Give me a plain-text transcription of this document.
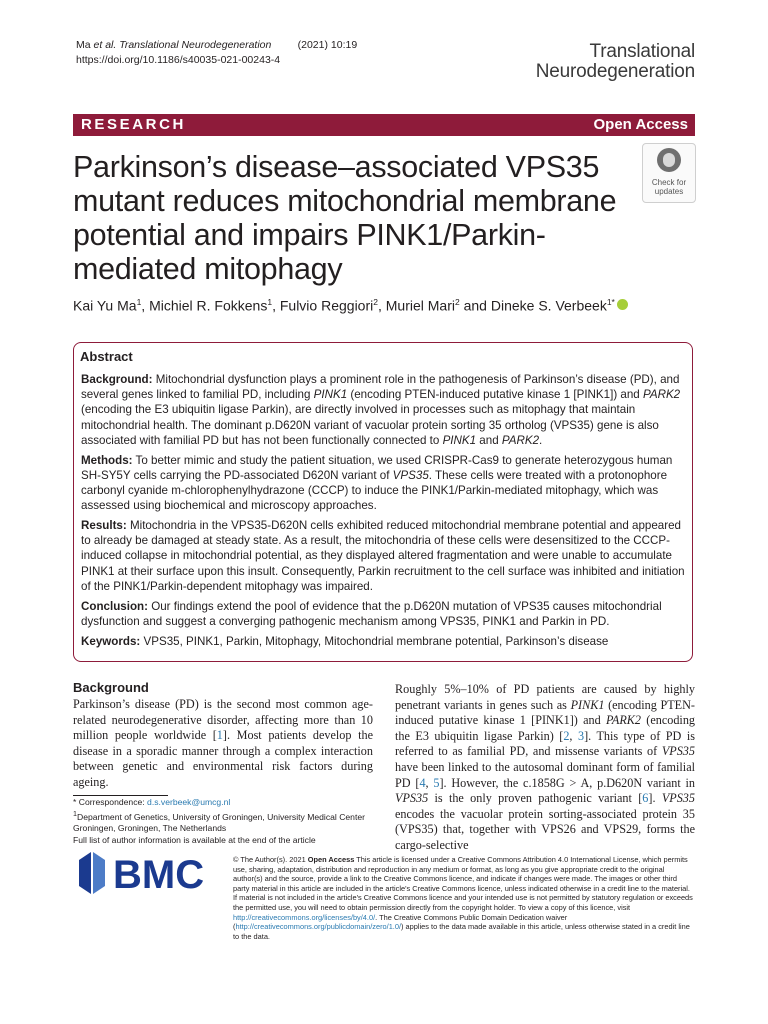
Ma et al. Translational Neurodegeneration	(2021) 10:19
https://doi.org/10.1186/s40035-021-00243-4	Translational
Neurodegeneration
RESEARCH	Open Access
Parkinson’s disease–associated VPS35 mutant reduces mitochondrial membrane potential and impairs PINK1/Parkin-mediated mitophagy
Check for updates
Kai Yu Ma$^1$, Michiel R. Fokkens$^1$, Fulvio Reggiori$^2$, Muriel Mari$^2$ and Dineke S. Verbeek$^{1*}$
Abstract

Background: Mitochondrial dysfunction plays a prominent role in the pathogenesis of Parkinson’s disease (PD), and several genes linked to familial PD, including PINK1 (encoding PTEN-induced putative kinase 1 [PINK1]) and PARK2 (encoding the E3 ubiquitin ligase Parkin), are directly involved in processes such as mitophagy that maintain mitochondrial health. The dominant p.D620N variant of vacuolar protein sorting 35 ortholog (VPS35) gene is also associated with familial PD but has not been functionally connected to PINK1 and PARK2.

Methods: To better mimic and study the patient situation, we used CRISPR-Cas9 to generate heterozygous human SH-SY5Y cells carrying the PD-associated D620N variant of VPS35. These cells were treated with a protonophore carbonyl cyanide m-chlorophenylhydrazone (CCCP) to induce the PINK1/Parkin-mediated mitophagy, which was assessed using biochemical and microscopy approaches.

Results: Mitochondria in the VPS35-D620N cells exhibited reduced mitochondrial membrane potential and appeared to already be damaged at steady state. As a result, the mitochondria of these cells were desensitized to the CCCP-induced collapse in mitochondrial potential, as they displayed altered fragmentation and were unable to accumulate PINK1 at their surface upon this insult. Consequently, Parkin recruitment to the cell surface was inhibited and initiation of the PINK1/Parkin-dependent mitophagy was impaired.

Conclusion: Our findings extend the pool of evidence that the p.D620N mutation of VPS35 causes mitochondrial dysfunction and suggest a converging pathogenic mechanism among VPS35, PINK1 and Parkin in PD.

Keywords: VPS35, PINK1, Parkin, Mitophagy, Mitochondrial membrane potential, Parkinson’s disease

Background

Parkinson’s disease (PD) is the second most common age-related neurodegenerative disorder, affecting more than 10 million people worldwide [1]. Most patients develop the disease in a sporadic manner through a complex interaction between genetic and environmental risk factors during ageing.

Roughly 5%–10% of PD patients are caused by highly penetrant variants in genes such as PINK1 (encoding PTEN-induced putative kinase 1 [PINK1]) and PARK2 (encoding the E3 ubiquitin ligase Parkin) [2, 3]. This type of PD is referred to as familial PD, and missense variants of VPS35 have been linked to the autosomal dominant form of familial PD [4, 5]. However, the c.1858G > A, p.D620N variant in VPS35 is the only proven pathogenic variant [6]. VPS35 encodes the vacuolar protein sorting-associated protein 35 (VPS35) that, together with VPS26 and VPS29, forms the cargo-selective
* Correspondence: d.s.verbeek@umcg.nl
$^1$Department of Genetics, University of Groningen, University Medical Center Groningen, Groningen, The Netherlands
Full list of author information is available at the end of the article
BMC	© The Author(s). 2021 Open Access This article is licensed under a Creative Commons Attribution 4.0 International License, which permits use, sharing, adaptation, distribution and reproduction in any medium or format, as long as you give appropriate credit to the original author(s) and the source, provide a link to the Creative Commons licence, and indicate if changes were made. The images or other third party material in this article are included in the article's Creative Commons licence, unless indicated otherwise in a credit line to the material. If material is not included in the article's Creative Commons licence and your intended use is not permitted by statutory regulation or exceeds the permitted use, you will need to obtain permission directly from the copyright holder. To view a copy of this licence, visit http://creativecommons.org/licenses/by/4.0/. The Creative Commons Public Domain Dedication waiver (http://creativecommons.org/publicdomain/zero/1.0/) applies to the data made available in this article, unless otherwise stated in a credit line to the data.
